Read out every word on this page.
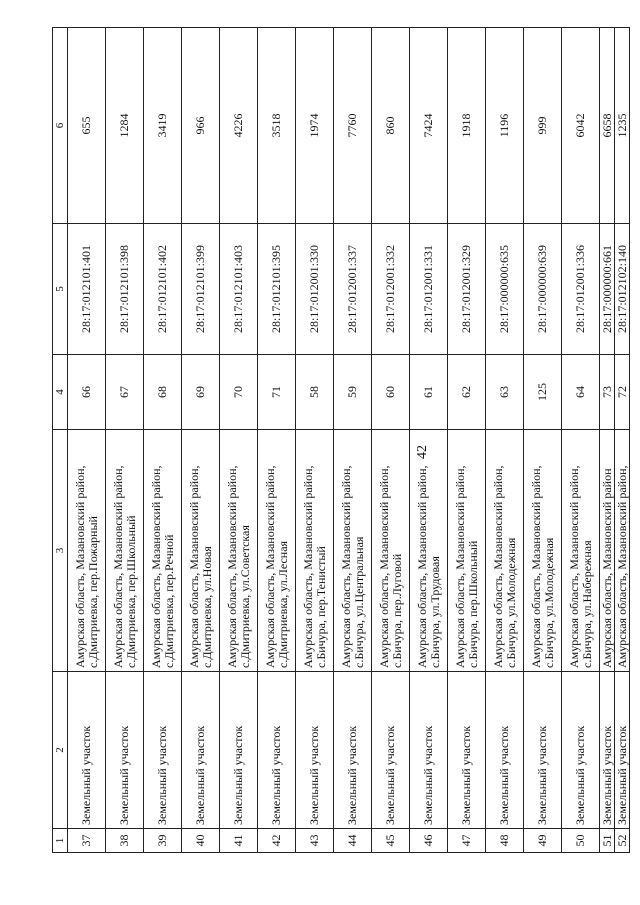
42
1	2	3	4	5	6
37	Земельный участок	Амурская область, Мазановский район, с.Дмитриевка, пер.Пожарный	66	28:17:012101:401	655
38	Земельный участок	Амурская область, Мазановский район, с.Дмитриевка, пер.Школьный	67	28:17:012101:398	1284
39	Земельный участок	Амурская область, Мазановский район, с.Дмитриевка, пер.Речной	68	28:17:012101:402	3419
40	Земельный участок	Амурская область, Мазановский район, с.Дмитриевка, ул.Новая	69	28:17:012101:399	966
41	Земельный участок	Амурская область, Мазановский район, с.Дмитриевка, ул.Советская	70	28:17:012101:403	4226
42	Земельный участок	Амурская область, Мазановский район, с.Дмитриевка, ул.Лесная	71	28:17:012101:395	3518
43	Земельный участок	Амурская область, Мазановский район, с.Бичура, пер.Тенистый	58	28:17:012001:330	1974
44	Земельный участок	Амурская область, Мазановский район, с.Бичура, ул.Центральная	59	28:17:012001:337	7760
45	Земельный участок	Амурская область, Мазановский район, с.Бичура, пер.Луговой	60	28:17:012001:332	860
46	Земельный участок	Амурская область, Мазановский район, с.Бичура, ул.Трудовая	61	28:17:012001:331	7424
47	Земельный участок	Амурская область, Мазановский район, с.Бичура, пер.Школьный	62	28:17:012001:329	1918
48	Земельный участок	Амурская область, Мазановский район, с.Бичура, ул.Молодежная	63	28:17:000000:635	1196
49	Земельный участок	Амурская область, Мазановский район, с.Бичура, ул.Молодежная	125	28:17:000000:639	999
50	Земельный участок	Амурская область, Мазановский район, с.Бичура, ул.Набережная	64	28:17:012001:336	6042
51	Земельный участок	Амурская область, Мазановский район	73	28:17:000000:661	6658
52	Земельный участок	Амурская область, Мазановский район,	72	28:17:012102:140	1235
